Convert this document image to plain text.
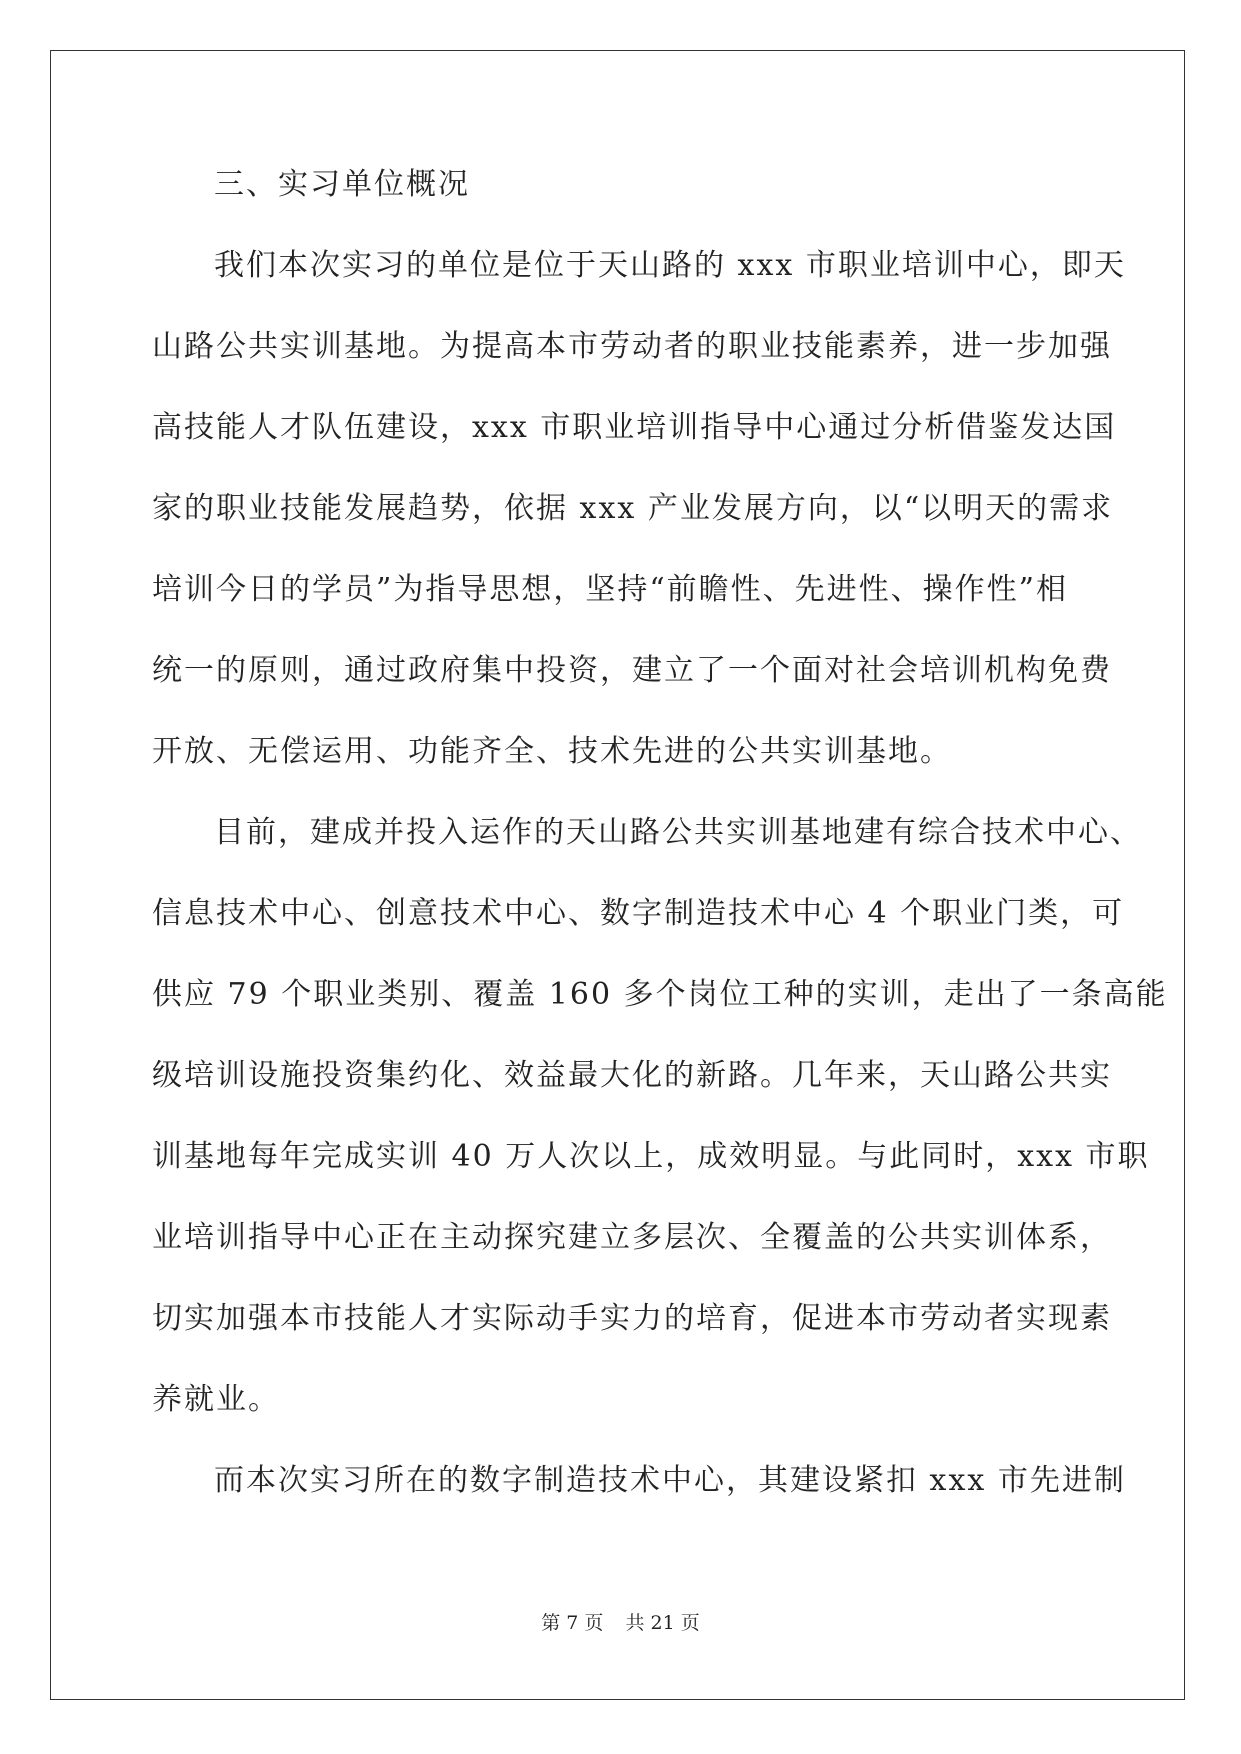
三、实习单位概况
我们本次实习的单位是位于天山路的 xxx 市职业培训中心，即天
山路公共实训基地。为提高本市劳动者的职业技能素养，进一步加强
高技能人才队伍建设，xxx 市职业培训指导中心通过分析借鉴发达国
家的职业技能发展趋势，依据 xxx 产业发展方向，以“以明天的需求
培训今日的学员”为指导思想，坚持“前瞻性、先进性、操作性”相
统一的原则，通过政府集中投资，建立了一个面对社会培训机构免费
开放、无偿运用、功能齐全、技术先进的公共实训基地。
目前，建成并投入运作的天山路公共实训基地建有综合技术中心、
信息技术中心、创意技术中心、数字制造技术中心 4 个职业门类，可
供应 79 个职业类别、覆盖 160 多个岗位工种的实训，走出了一条高能
级培训设施投资集约化、效益最大化的新路。几年来，天山路公共实
训基地每年完成实训 40 万人次以上，成效明显。与此同时，xxx 市职
业培训指导中心正在主动探究建立多层次、全覆盖的公共实训体系，
切实加强本市技能人才实际动手实力的培育，促进本市劳动者实现素
养就业。
而本次实习所在的数字制造技术中心，其建设紧扣 xxx 市先进制
第 7 页 共 21 页
